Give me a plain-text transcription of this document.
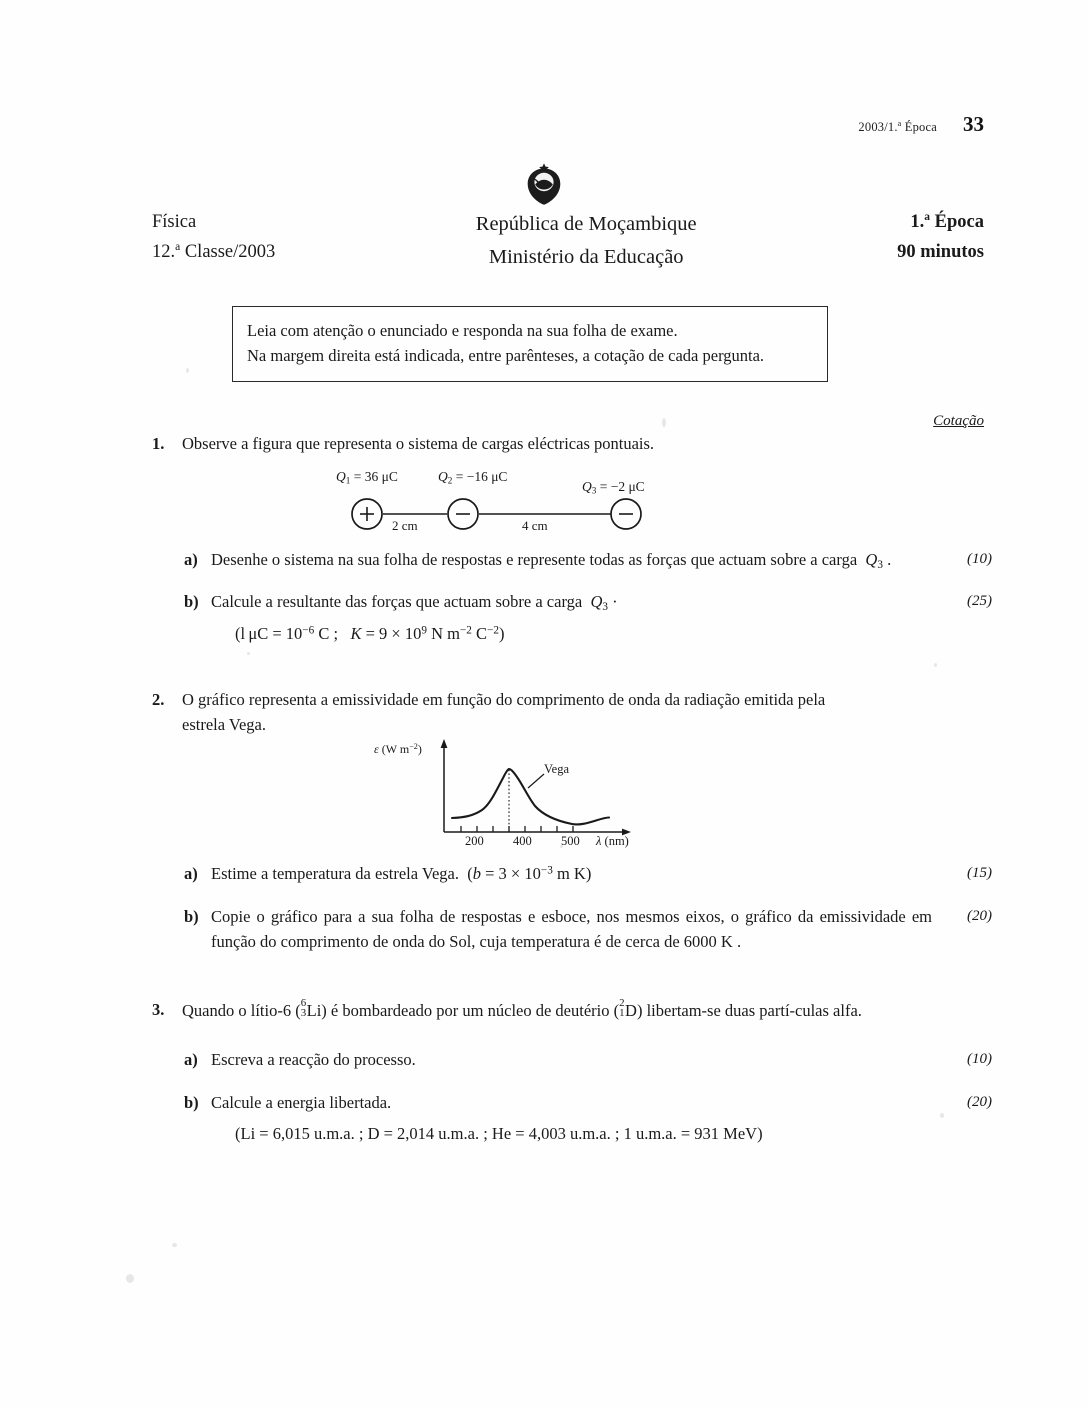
2003/1.$^a$ Época 33
Física
12.$^a$ Classe/2003
República de Moçambique
Ministério da Educação
1.$^a$ Época
90 minutos
Leia com atenção o enunciado e responda na sua folha de exame.
Na margem direita está indicada, entre parênteses, a cotação de cada pergunta.
Cotação
1.	Observe a figura que representa o sistema de cargas eléctricas pontuais.
Q1 = 36 μC	Q2 = −16 μC
Q3 = −2 μC
2 cm	4 cm
a) Desenhe o sistema na sua folha de respostas e represente todas as forças que actuam sobre a carga  Q3 .	(10)
b) Calcule a resultante das forças que actuam sobre a carga  Q3 ·
(l $\mu C = 10^{-6}$ C ;   $K = 9 \times 10^9$ N $m^{-2}$ $C^{-2}$)
(25)
2.	O gráfico representa a emissividade em função do comprimento de onda da radiação emitida pela estrela Vega.
ε (W $m^{-2}$)
Vega
200 400 500 λ (nm)
a) Estime a temperatura da estrela Vega.  ($b = 3 \times 10^{-3}$ m K)	(15)
b) Copie o gráfico para a sua folha de respostas e esboce, nos mesmos eixos, o gráfico da emissividade em função do comprimento de onda do Sol, cuja temperatura é de cerca de 6000 K .
(20)
3.	Quando o lítio-6 ( 6
3 Li) é bombardeado por um núcleo de deutério ( 2
1 D) libertam-se duas partí-culas alfa.
a) Escreva a reacção do processo.	(10)
b) Calcule a energia libertada.
(Li = 6,015 u.m.a. ; D = 2,014 u.m.a. ; He = 4,003 u.m.a. ; 1 u.m.a. = 931 MeV)
(20)
